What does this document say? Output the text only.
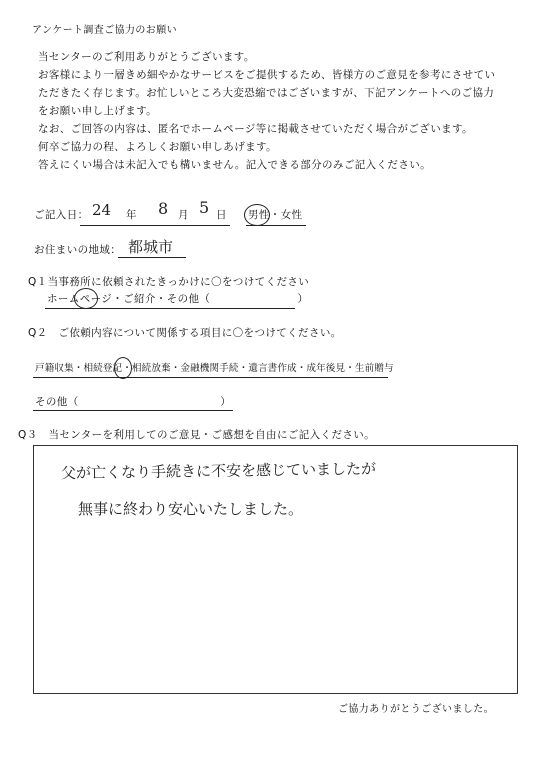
アンケート調査ご協力のお願い
当センターのご利用ありがとうございます。
お客様により一層きめ細やかなサービスをご提供するため、皆様方のご意見を参考にさせてい
ただきたく存じます。お忙しいところ大変恐縮ではございますが、下記アンケートへのご協力
をお願い申し上げます。
なお、ご回答の内容は、匿名でホームページ等に掲載させていただく場合がございます。
何卒ご協力の程、よろしくお願い申しあげます。
答えにくい場合は未記入でも構いません。記入できる部分のみご記入ください。
ご記入日： 24 年 8 月 5 日 男性・女性
お住まいの地域： 都城市
Q１当事務所に依頼されたきっかけに〇をつけてください
ホームページ・ご紹介・その他（　　　　　　　　）
Q２　ご依頼内容について関係する項目に〇をつけてください。
戸籍収集・相続登記・相続放棄・金融機関手続・遺言書作成・成年後見・生前贈与
その他（　　　　　　　　　　　　　）
Q３　当センターを利用してのご意見・ご感想を自由にご記入ください。
父が亡くなり手続きに不安を感じていましたが
無事に終わり安心いたしました。
ご協力ありがとうございました。
